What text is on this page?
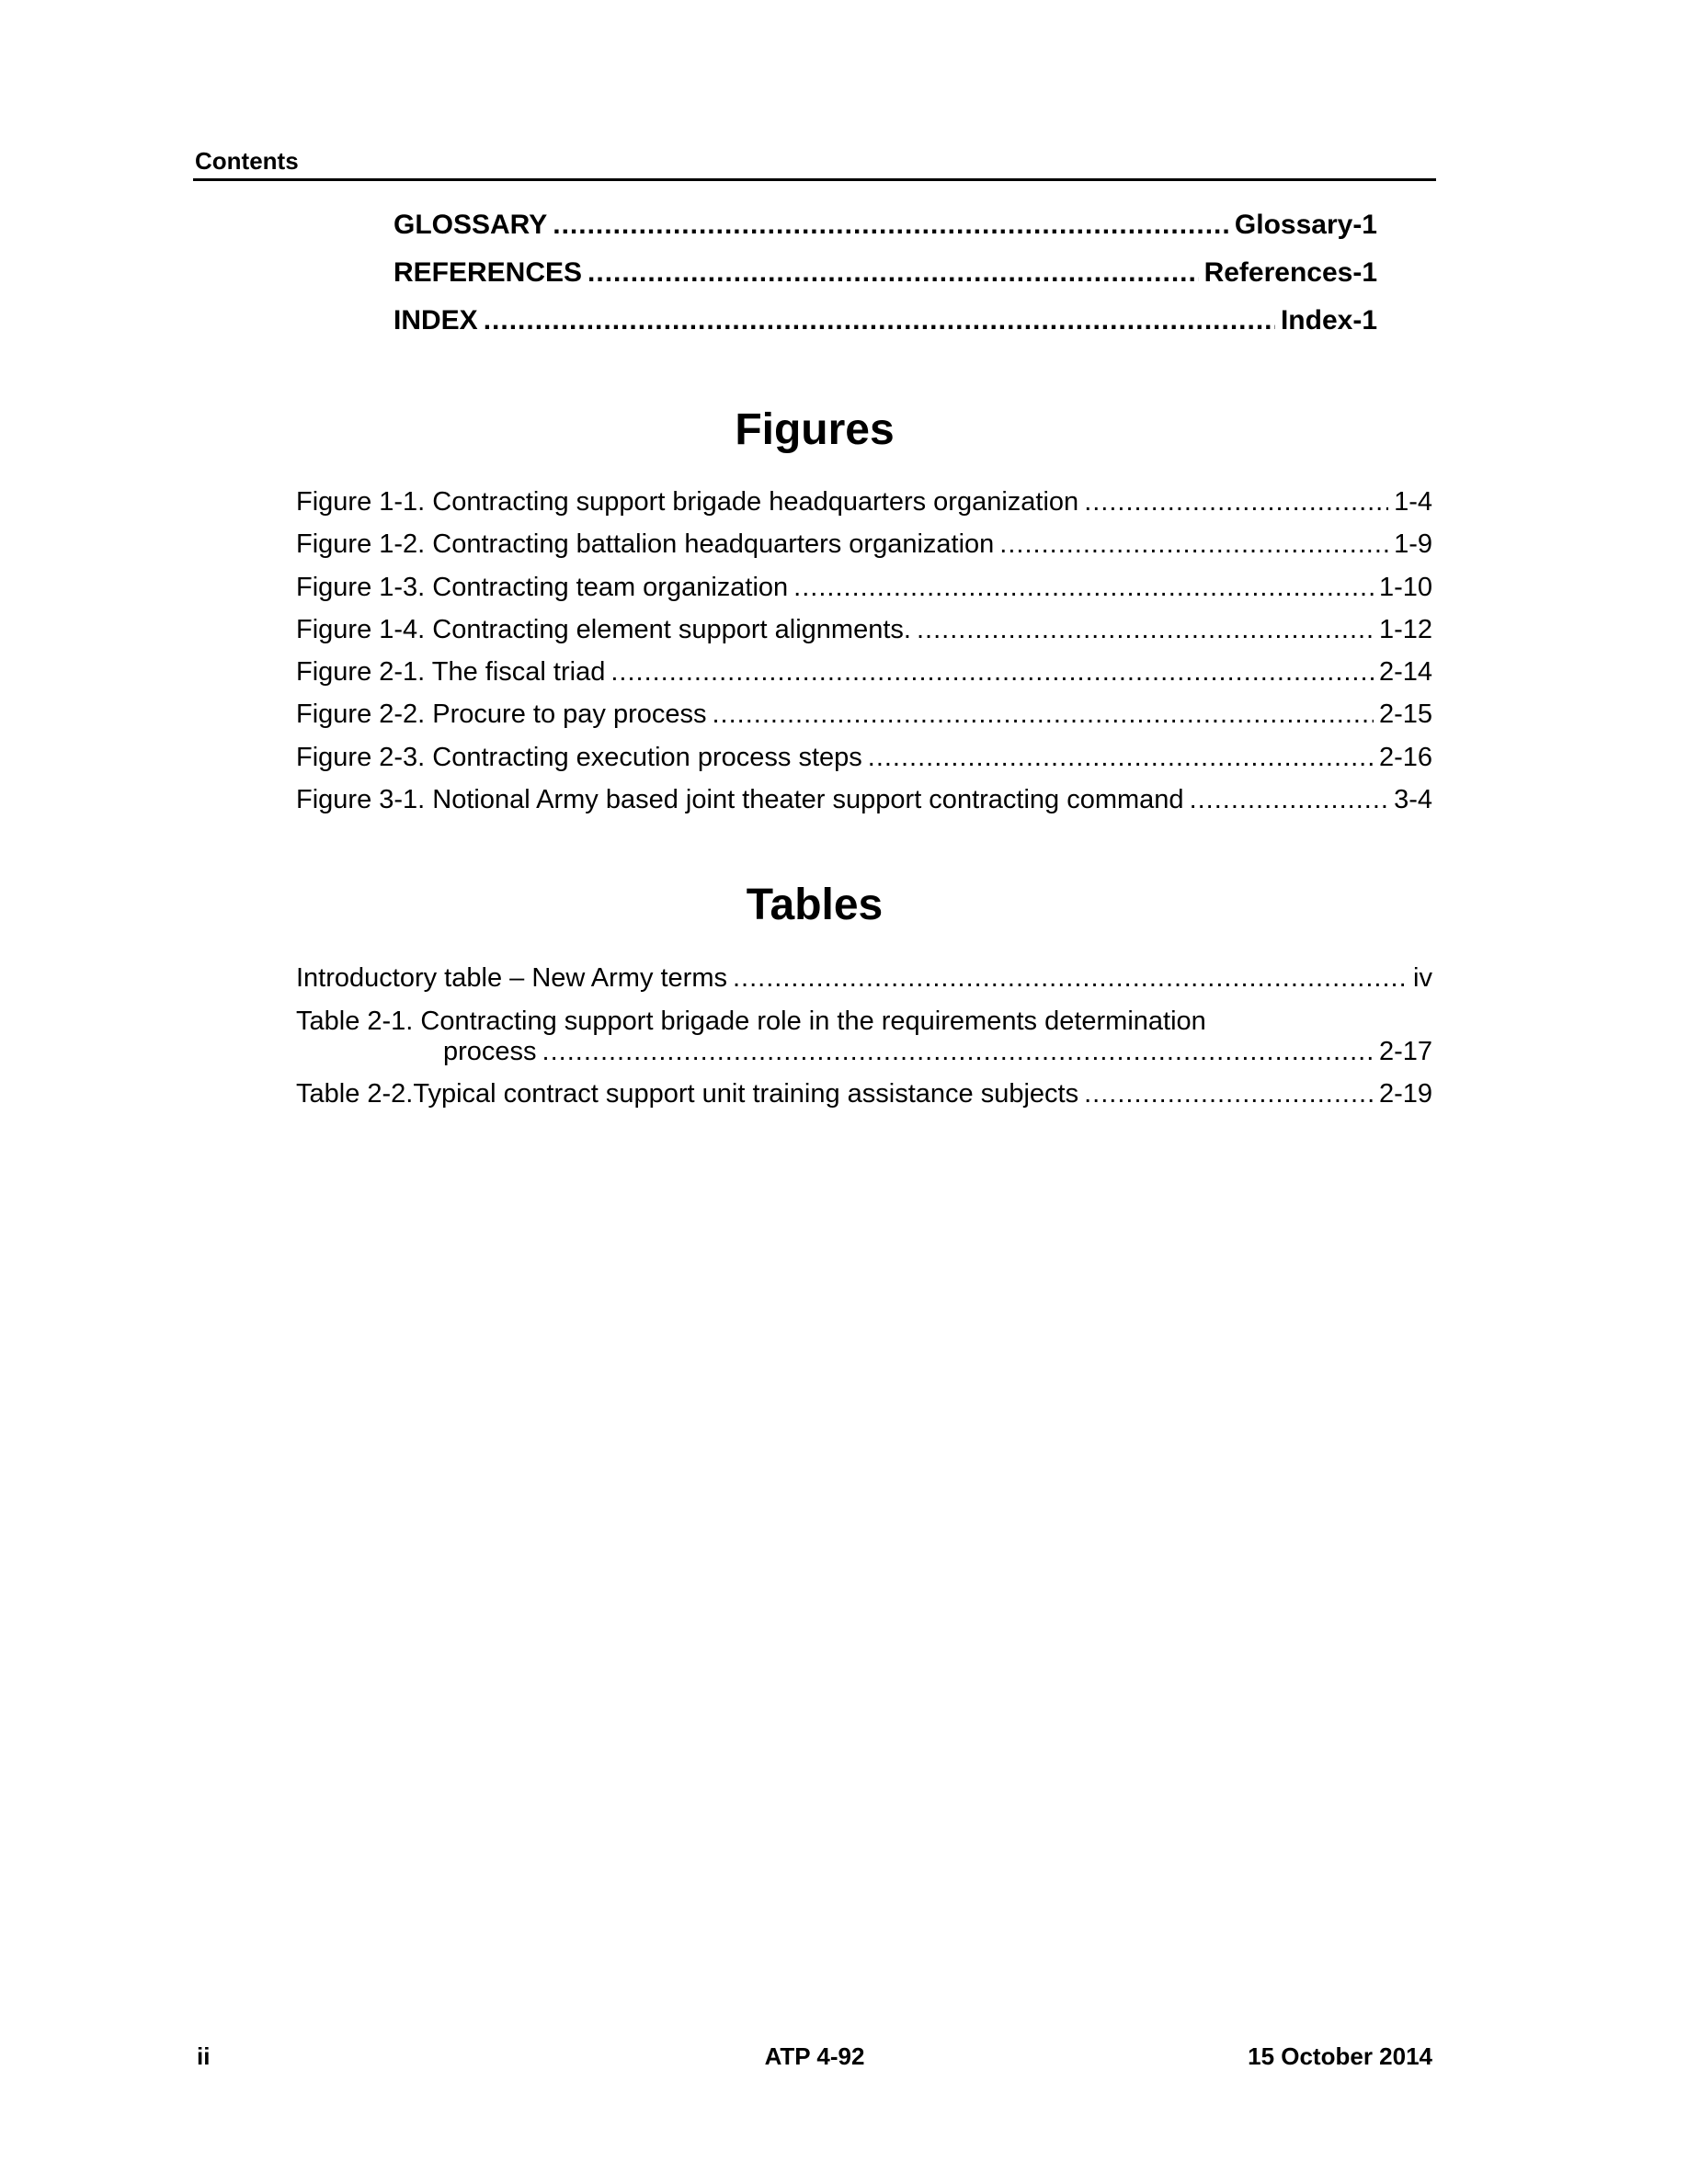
Contents
GLOSSARY .....	Glossary-1
REFERENCES .....	References-1
INDEX .....	Index-1
Figures
Figure 1-1. Contracting support brigade headquarters organization .....	1-4
Figure 1-2. Contracting battalion headquarters organization .....	1-9
Figure 1-3. Contracting team organization .....	1-10
Figure 1-4. Contracting element support alignments. .....	1-12
Figure 2-1. The fiscal triad .....	2-14
Figure 2-2. Procure to pay process .....	2-15
Figure 2-3. Contracting execution process steps .....	2-16
Figure 3-1. Notional Army based joint theater support contracting command .....	3-4
Tables
Introductory table – New Army terms .....	iv
Table 2-1. Contracting support brigade role in the requirements determination
process .....	2-17
Table 2-2.Typical contract support unit training assistance subjects .....	2-19
ii	ATP 4-92	15 October 2014
